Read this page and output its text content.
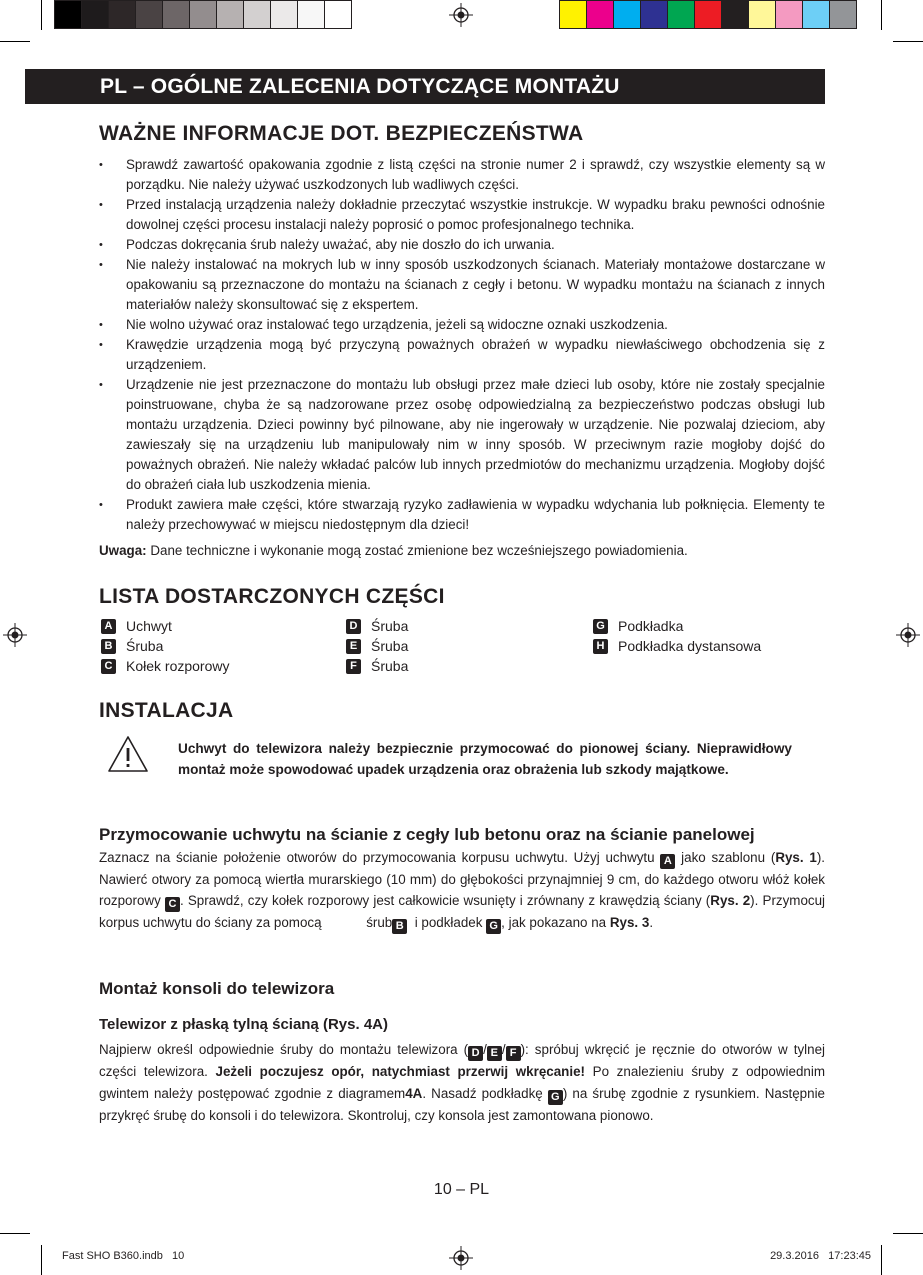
PL – OGÓLNE ZALECENIA DOTYCZĄCE MONTAŻU
WAŻNE INFORMACJE DOT. BEZPIECZEŃSTWA
• Sprawdź zawartość opakowania zgodnie z listą części na stronie numer 2 i sprawdź, czy wszystkie elementy są w porządku. Nie należy używać uszkodzonych lub wadliwych części.
• Przed instalacją urządzenia należy dokładnie przeczytać wszystkie instrukcje. W wypadku braku pewności odnośnie dowolnej części procesu instalacji należy poprosić o pomoc profesjonalnego technika.
• Podczas dokręcania śrub należy uważać, aby nie doszło do ich urwania.
• Nie należy instalować na mokrych lub w inny sposób uszkodzonych ścianach. Materiały montażowe dostarczane w opakowaniu są przeznaczone do montażu na ścianach z cegły i betonu. W wypadku montażu na ścianach z innych materiałów należy skonsultować się z ekspertem.
• Nie wolno używać oraz instalować tego urządzenia, jeżeli są widoczne oznaki uszkodzenia.
• Krawędzie urządzenia mogą być przyczyną poważnych obrażeń w wypadku niewłaściwego obchodzenia się z urządzeniem.
• Urządzenie nie jest przeznaczone do montażu lub obsługi przez małe dzieci lub osoby, które nie zostały specjalnie poinstruowane, chyba że są nadzorowane przez osobę odpowiedzialną za bezpieczeństwo podczas obsługi lub montażu urządzenia. Dzieci powinny być pilnowane, aby nie ingerowały w urządzenie. Nie pozwalaj dzieciom, aby zawieszały się na urządzeniu lub manipulowały nim w inny sposób. W przeciwnym razie mogłoby dojść do poważnych obrażeń. Nie należy wkładać palców lub innych przedmiotów do mechanizmu urządzenia. Mogłoby dojść do obrażeń ciała lub uszkodzenia mienia.
• Produkt zawiera małe części, które stwarzają ryzyko zadławienia w wypadku wdychania lub połknięcia. Elementy te należy przechowywać w miejscu niedostępnym dla dzieci!

Uwaga: Dane techniczne i wykonanie mogą zostać zmienione bez wcześniejszego powiadomienia.

LISTA DOSTARCZONYCH CZĘŚCI
A Uchwyt
B Śruba
C Kołek rozporowy
D Śruba
E Śruba
F Śruba
G Podkładka
H Podkładka dystansowa
INSTALACJA

Uchwyt do telewizora należy bezpiecznie przymocować do pionowej ściany. Nieprawidłowy montaż może spowodować upadek urządzenia oraz obrażenia lub szkody majątkowe.

Przymocowanie uchwytu na ścianie z cegły lub betonu oraz na ścianie panelowej

Zaznacz na ścianie położenie otworów do przymocowania korpusu uchwytu. Użyj uchwytu A jako szablonu (Rys. 1). Nawierć otwory za pomocą wiertła murarskiego (10 mm) do głębokości przynajmniej 9 cm, do każdego otworu włóż kołek rozporowy C . Sprawdź, czy kołek rozporowy jest całkowicie wsunięty i zrównany z krawędzią ściany (Rys. 2). Przymocuj korpus uchwytu do ściany za pomocą            śrub B  i podkładek G , jak pokazano na Rys. 3.

Montaż konsoli do telewizora
Telewizor z płaską tylną ścianą (Rys. 4A)

Najpierw określ odpowiednie śruby do montażu telewizora ( D / E / F ): spróbuj wkręcić je ręcznie do otworów w tylnej części telewizora. Jeżeli poczujesz opór, natychmiast przerwij wkręcanie! Po znalezieniu śruby z odpowiednim gwintem należy postępować zgodnie z diagramem4A. Nasadź podkładkę G ) na śrubę zgodnie z rysunkiem. Następnie przykręć śrubę do konsoli i do telewizora. Skontroluj, czy konsola jest zamontowana pionowo.

10 – PL
Fast SHO B360.indb   10	29.3.2016   17:23:45
